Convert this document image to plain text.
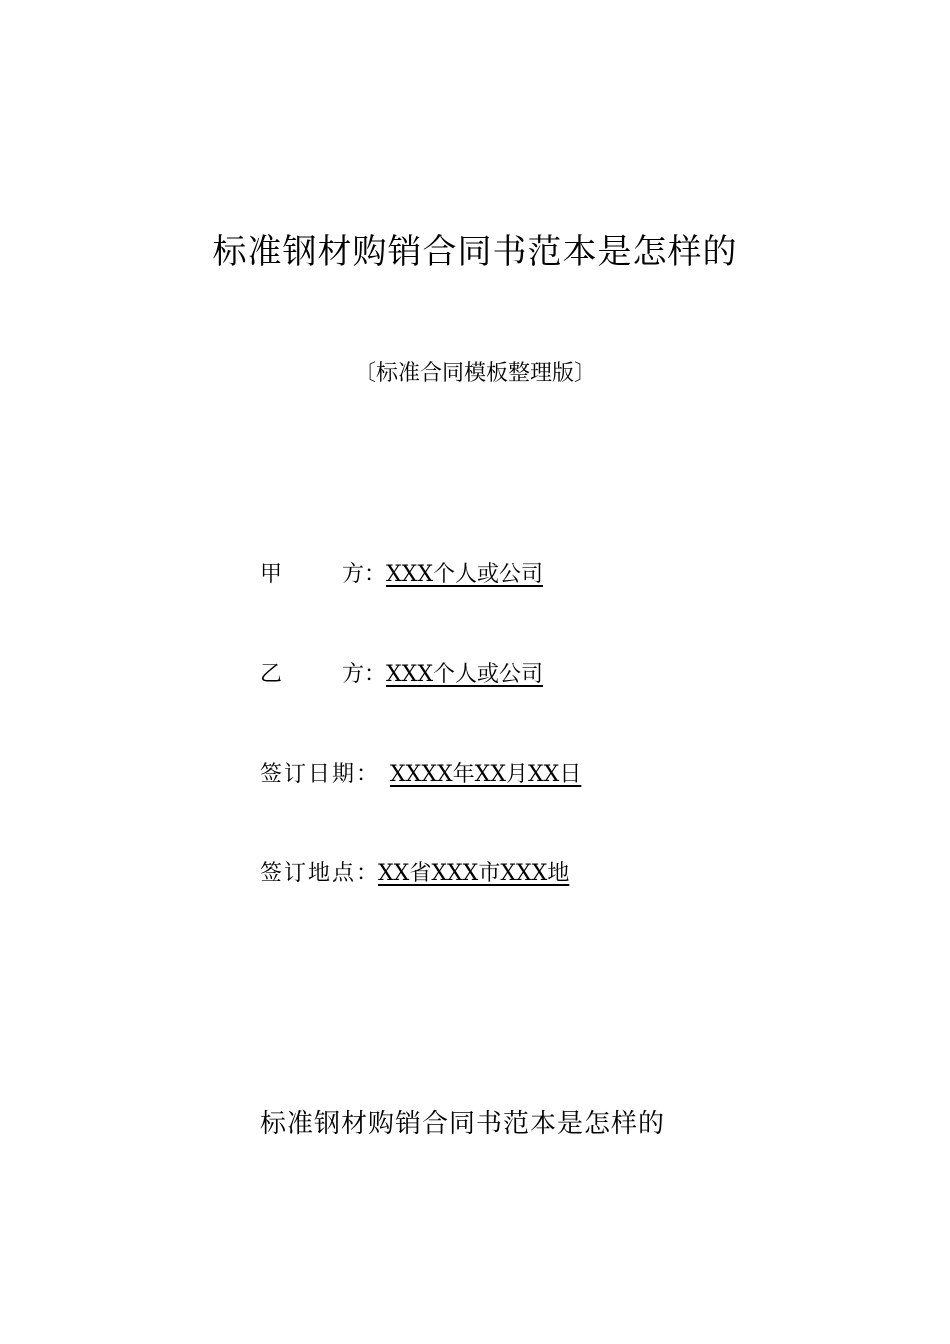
标准钢材购销合同书范本是怎样的
〔标准合同模板整理版〕
甲	方 ：XXX个人或公司
乙	方 ：XXX个人或公司
签订日期： XXXX年XX月XX日
签订地点：XX省XXX市XXX地
标准钢材购销合同书范本是怎样的
